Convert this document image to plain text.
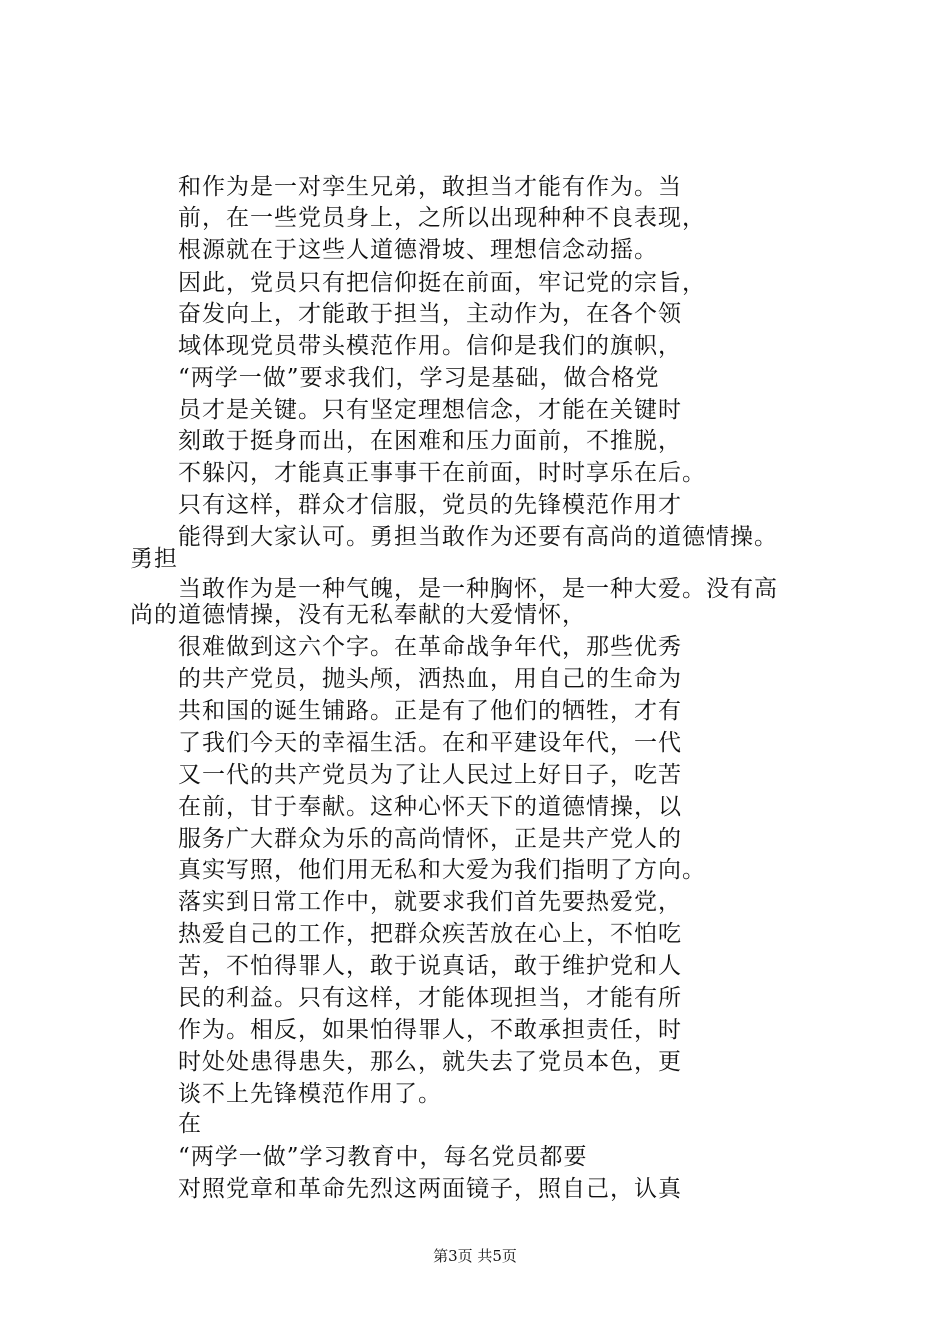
和作为是一对孪生兄弟，敢担当才能有作为。当
前，在一些党员身上，之所以出现种种不良表现，
根源就在于这些人道德滑坡、理想信念动摇。
因此，党员只有把信仰挺在前面，牢记党的宗旨，
奋发向上，才能敢于担当，主动作为，在各个领
域体现党员带头模范作用。信仰是我们的旗帜，
“两学一做”要求我们，学习是基础，做合格党
员才是关键。只有坚定理想信念，才能在关键时
刻敢于挺身而出，在困难和压力面前，不推脱，
不躲闪，才能真正事事干在前面，时时享乐在后。
只有这样，群众才信服，党员的先锋模范作用才
能得到大家认可。勇担当敢作为还要有高尚的道德情操。
勇担
当敢作为是一种气魄，是一种胸怀，是一种大爱。没有高
尚的道德情操，没有无私奉献的大爱情怀，
很难做到这六个字。在革命战争年代，那些优秀
的共产党员，抛头颅，洒热血，用自己的生命为
共和国的诞生铺路。正是有了他们的牺牲，才有
了我们今天的幸福生活。在和平建设年代，一代
又一代的共产党员为了让人民过上好日子，吃苦
在前，甘于奉献。这种心怀天下的道德情操，以
服务广大群众为乐的高尚情怀，正是共产党人的
真实写照，他们用无私和大爱为我们指明了方向。
落实到日常工作中，就要求我们首先要热爱党，
热爱自己的工作，把群众疾苦放在心上，不怕吃
苦，不怕得罪人，敢于说真话，敢于维护党和人
民的利益。只有这样，才能体现担当，才能有所
作为。相反，如果怕得罪人，不敢承担责任，时
时处处患得患失，那么，就失去了党员本色，更
谈不上先锋模范作用了。
在
“两学一做”学习教育中，每名党员都要
对照党章和革命先烈这两面镜子，照自己，认真
第3页 共5页
